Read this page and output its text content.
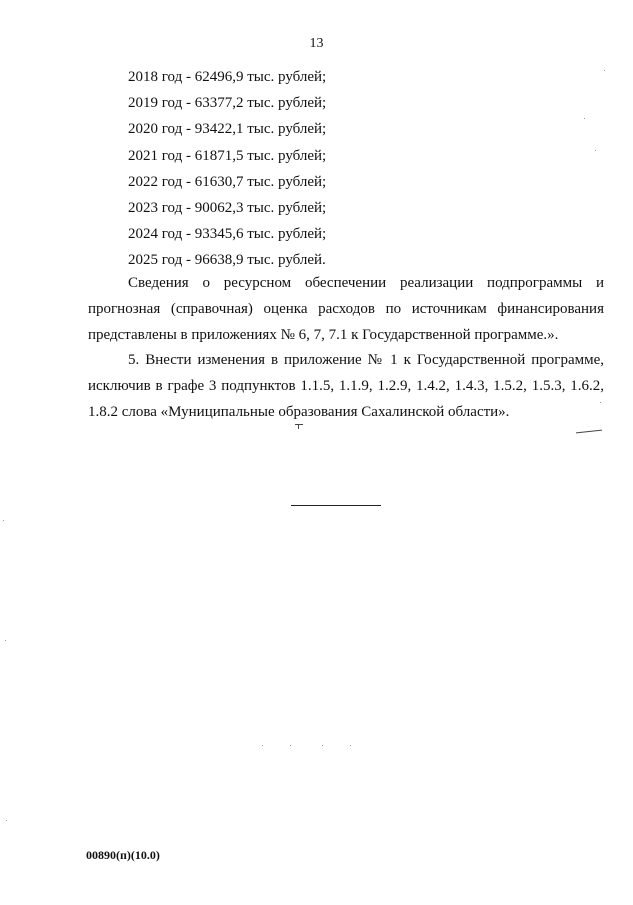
13
2018 год - 62496,9 тыс. рублей;
2019 год - 63377,2 тыс. рублей;
2020 год - 93422,1 тыс. рублей;
2021 год - 61871,5 тыс. рублей;
2022 год - 61630,7 тыс. рублей;
2023 год - 90062,3 тыс. рублей;
2024 год - 93345,6 тыс. рублей;
2025 год - 96638,9 тыс. рублей.
Сведения о ресурсном обеспечении реализации подпрограммы и
прогнозная (справочная) оценка расходов по источникам финансирования
представлены в приложениях № 6, 7, 7.1 к Государственной программе.».
5. Внести изменения в приложение № 1 к Государственной программе,
исключив в графе 3 подпунктов 1.1.5, 1.1.9, 1.2.9, 1.4.2, 1.4.3, 1.5.2, 1.5.3, 1.6.2,
1.8.2 слова «Муниципальные образования Сахалинской области».
00890(п)(10.0)
